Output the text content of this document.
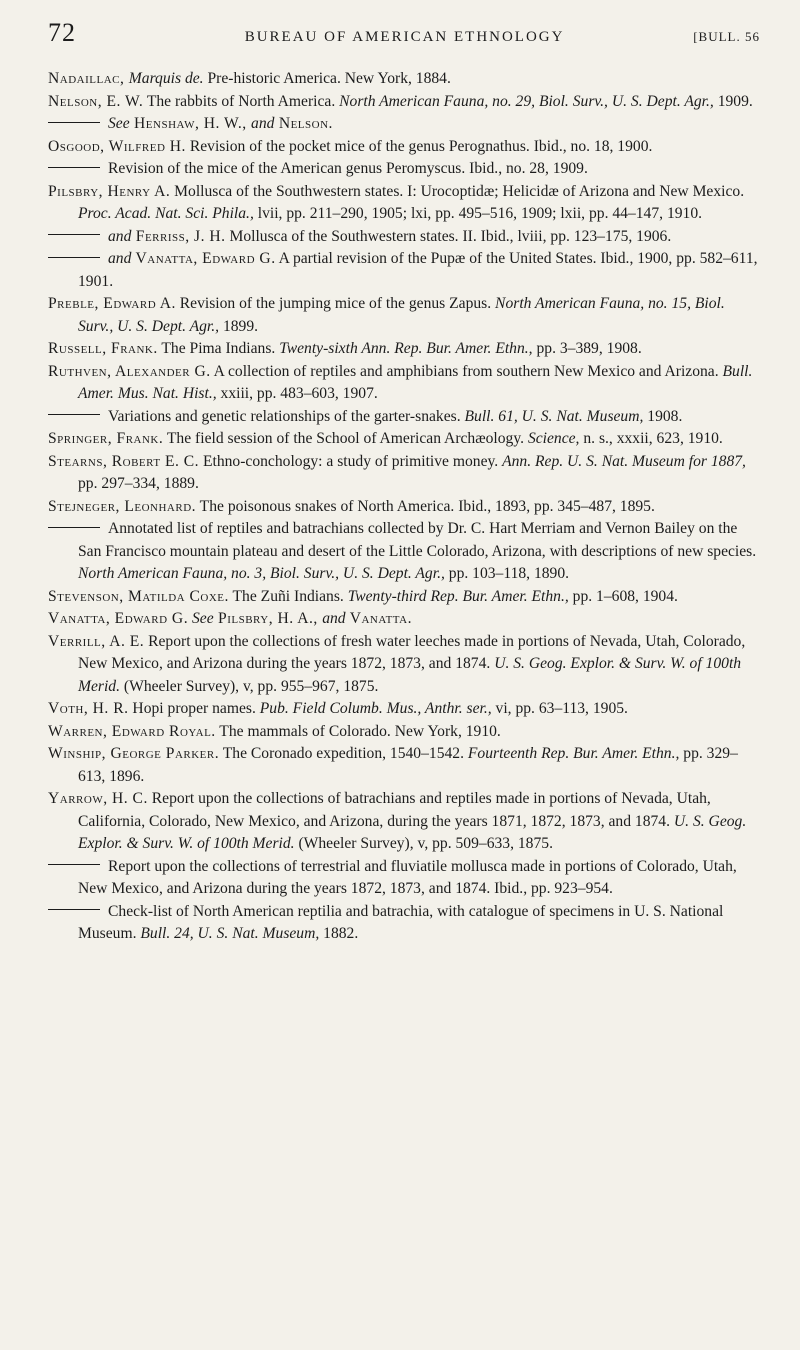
72	BUREAU OF AMERICAN ETHNOLOGY	[BULL. 56

Nadaillac, Marquis de. Pre-historic America. New York, 1884.

Nelson, E. W. The rabbits of North America. North American Fauna, no. 29, Biol. Surv., U. S. Dept. Agr., 1909.

See Henshaw, H. W., and Nelson.

Osgood, Wilfred H. Revision of the pocket mice of the genus Perognathus. Ibid., no. 18, 1900.

Revision of the mice of the American genus Peromyscus. Ibid., no. 28, 1909.

Pilsbry, Henry A. Mollusca of the Southwestern states. I: Urocoptidæ; Helicidæ of Arizona and New Mexico. Proc. Acad. Nat. Sci. Phila., lvii, pp. 211–290, 1905; lxi, pp. 495–516, 1909; lxii, pp. 44–147, 1910.

and Ferriss, J. H. Mollusca of the Southwestern states. II. Ibid., lviii, pp. 123–175, 1906.

and Vanatta, Edward G. A partial revision of the Pupæ of the United States. Ibid., 1900, pp. 582–611, 1901.

Preble, Edward A. Revision of the jumping mice of the genus Zapus. North American Fauna, no. 15, Biol. Surv., U. S. Dept. Agr., 1899.

Russell, Frank. The Pima Indians. Twenty-sixth Ann. Rep. Bur. Amer. Ethn., pp. 3–389, 1908.

Ruthven, Alexander G. A collection of reptiles and amphibians from southern New Mexico and Arizona. Bull. Amer. Mus. Nat. Hist., xxiii, pp. 483–603, 1907.

Variations and genetic relationships of the garter-snakes. Bull. 61, U. S. Nat. Museum, 1908.

Springer, Frank. The field session of the School of American Archæology. Science, n. s., xxxii, 623, 1910.

Stearns, Robert E. C. Ethno-conchology: a study of primitive money. Ann. Rep. U. S. Nat. Museum for 1887, pp. 297–334, 1889.

Stejneger, Leonhard. The poisonous snakes of North America. Ibid., 1893, pp. 345–487, 1895.

Annotated list of reptiles and batrachians collected by Dr. C. Hart Merriam and Vernon Bailey on the San Francisco mountain plateau and desert of the Little Colorado, Arizona, with descriptions of new species. North American Fauna, no. 3, Biol. Surv., U. S. Dept. Agr., pp. 103–118, 1890.

Stevenson, Matilda Coxe. The Zuñi Indians. Twenty-third Rep. Bur. Amer. Ethn., pp. 1–608, 1904.

Vanatta, Edward G. See Pilsbry, H. A., and Vanatta.

Verrill, A. E. Report upon the collections of fresh water leeches made in portions of Nevada, Utah, Colorado, New Mexico, and Arizona during the years 1872, 1873, and 1874. U. S. Geog. Explor. & Surv. W. of 100th Merid. (Wheeler Survey), v, pp. 955–967, 1875.

Voth, H. R. Hopi proper names. Pub. Field Columb. Mus., Anthr. ser., vi, pp. 63–113, 1905.

Warren, Edward Royal. The mammals of Colorado. New York, 1910.

Winship, George Parker. The Coronado expedition, 1540–1542. Fourteenth Rep. Bur. Amer. Ethn., pp. 329–613, 1896.

Yarrow, H. C. Report upon the collections of batrachians and reptiles made in portions of Nevada, Utah, California, Colorado, New Mexico, and Arizona, during the years 1871, 1872, 1873, and 1874. U. S. Geog. Explor. & Surv. W. of 100th Merid. (Wheeler Survey), v, pp. 509–633, 1875.

Report upon the collections of terrestrial and fluviatile mollusca made in portions of Colorado, Utah, New Mexico, and Arizona during the years 1872, 1873, and 1874. Ibid., pp. 923–954.

Check-list of North American reptilia and batrachia, with catalogue of specimens in U. S. National Museum. Bull. 24, U. S. Nat. Museum, 1882.
